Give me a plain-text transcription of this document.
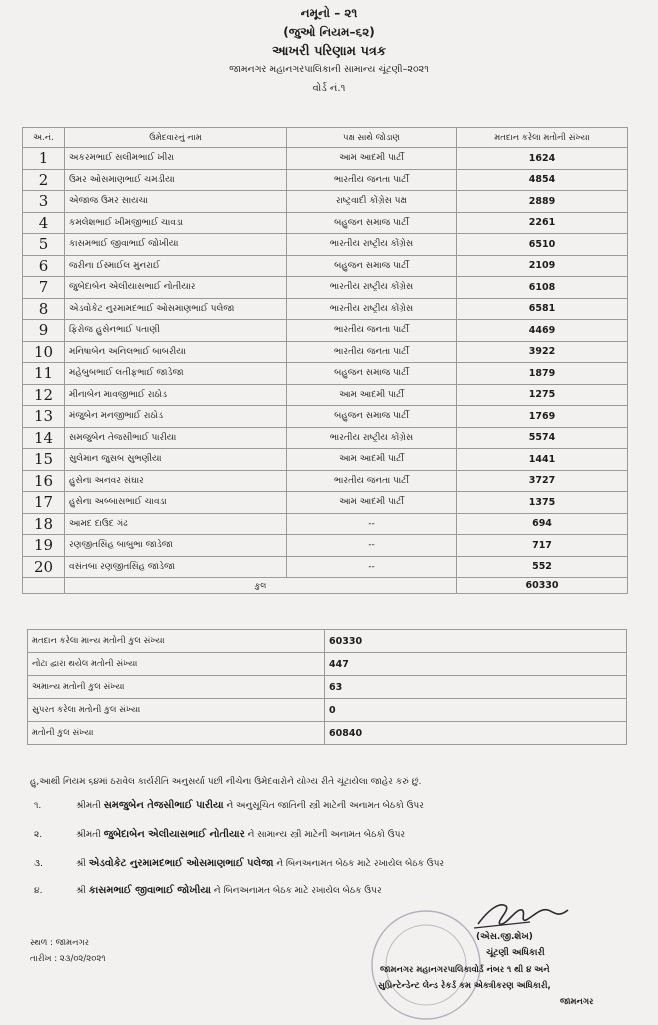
નમૂનો – ૨૧
(જુઓ નિયમ–૬૨)
આખરી પરિણામ પત્રક
જામનગર મહાનગરપાલિકાની સામાન્ય ચૂંટણી–૨૦૨૧
વોર્ડ નં.૧
અ.નં.	ઉમેદવારનું નામ	પક્ષ સાથે જોડાણ	મતદાન કરેલા મતોની સંખ્યા
1	અકરમભાઈ સલીમભાઈ ખીરા	આમ આદમી પાર્ટી	1624
2	ઉમર ઓસમાણભાઈ ચમડીયા	ભારતીય જનતા પાર્ટી	4854
3	એજાજ ઉમર સાયચા	રાષ્ટ્રવાદી કોંગ્રેસ પક્ષ	2889
4	કમલેશભાઈ ખીમજીભાઈ ચાવડા	બહુજન સમાજ પાર્ટી	2261
5	કાસમભાઈ જીવાભાઈ જોખીયા	ભારતીય રાષ્ટ્રીય કોંગ્રેસ	6510
6	જરીના ઈસ્માઈલ મુનરાઈ	બહુજન સમાજ પાર્ટી	2109
7	જુબેદાબેન એલીયાસભાઈ નોતીયાર	ભારતીય રાષ્ટ્રીય કોંગ્રેસ	6108
8	એડવોકેટ નુરમામદભાઈ ઓસમાણભાઈ પલેજા	ભારતીય રાષ્ટ્રીય કોંગ્રેસ	6581
9	ફિરોજ હુસેનભાઈ પતાણી	ભારતીય જનતા પાર્ટી	4469
10	મનિષાબેન અનિલભાઈ બાબરીયા	ભારતીય જનતા પાર્ટી	3922
11	મહેબુબભાઈ લતીફભાઈ જાડેજા	બહુજન સમાજ પાર્ટી	1879
12	મીનાબેન માવજીભાઈ રાઠોડ	આમ આદમી પાર્ટી	1275
13	મંજુબેન મનજીભાઈ રાઠોડ	બહુજન સમાજ પાર્ટી	1769
14	સમજુબેન તેજસીભાઈ પારીયા	ભારતીય રાષ્ટ્રીય કોંગ્રેસ	5574
15	સુલેમાન જુસબ સુભણીયા	આમ આદમી પાર્ટી	1441
16	હુસેના અનવર સંઘાર	ભારતીય જનતા પાર્ટી	3727
17	હુસેના અબ્બાસભાઈ ચાવડા	આમ આદમી પાર્ટી	1375
18	આમદ દાઉદ ગંઢ	--	694
19	રણજીતસિંહ બાબુભા જાડેજા	--	717
20	વસંતબા રણજીતસિંહ જાડેજા	--	552
	કુલ		60330
મતદાન કરેલા માન્ય મતોની કુલ સંખ્યા	60330
નોટા દ્વારા થયેલ મતોની સંખ્યા	447
અમાન્ય મતોની કુલ સંખ્યા	63
સુપરત કરેલા મતોની કુલ સંખ્યા	0
મતોની કુલ સંખ્યા	60840
હુ,આથી નિયમ ૬૪માં ઠરાવેલ કાર્યરીતિ અનુસર્યા પછી નીચેના ઉમેદવારોને યોગ્ય રીતે ચૂંટાયેલા જાહેર કરું છું.
૧.	શ્રીમતી સમજુબેન તેજસીભાઈ પારીયા ને અનુસૂચિત જાતિની સ્ત્રી માટેની અનામત બેઠકો ઉપર
૨.	શ્રીમતી જુબેદાબેન એલીયાસભાઈ નોતીયાર ને સામાન્ય સ્ત્રી માટેની અનામત બેઠકો ઉપર
૩.	શ્રી એડવોકેટ નુરમામદભાઈ ઓસમાણભાઈ પલેજા ને બિનઅનામત બેઠક માટે રખાયેલ બેઠક ઉપર
૪.	શ્રી કાસમભાઈ જીવાભાઈ જોખીયા ને બિનઅનામત બેઠક માટે રખાયેલ બેઠક ઉપર
સ્થળ : જામનગર
તારીખ : ૨૩/૦૨/૨૦૨૧
(એસ.જી.શેખ)
ચૂંટણી અધિકારી
જામનગર મહાનગરપાલિકાવોર્ડ નંબર ૧ થી ૪ અને
સુપ્રિન્ટેન્ડેન્ટ લેન્ડ રેકર્ડ કમ એક્ત્રીકરણ અધિકારી,
જામનગર
